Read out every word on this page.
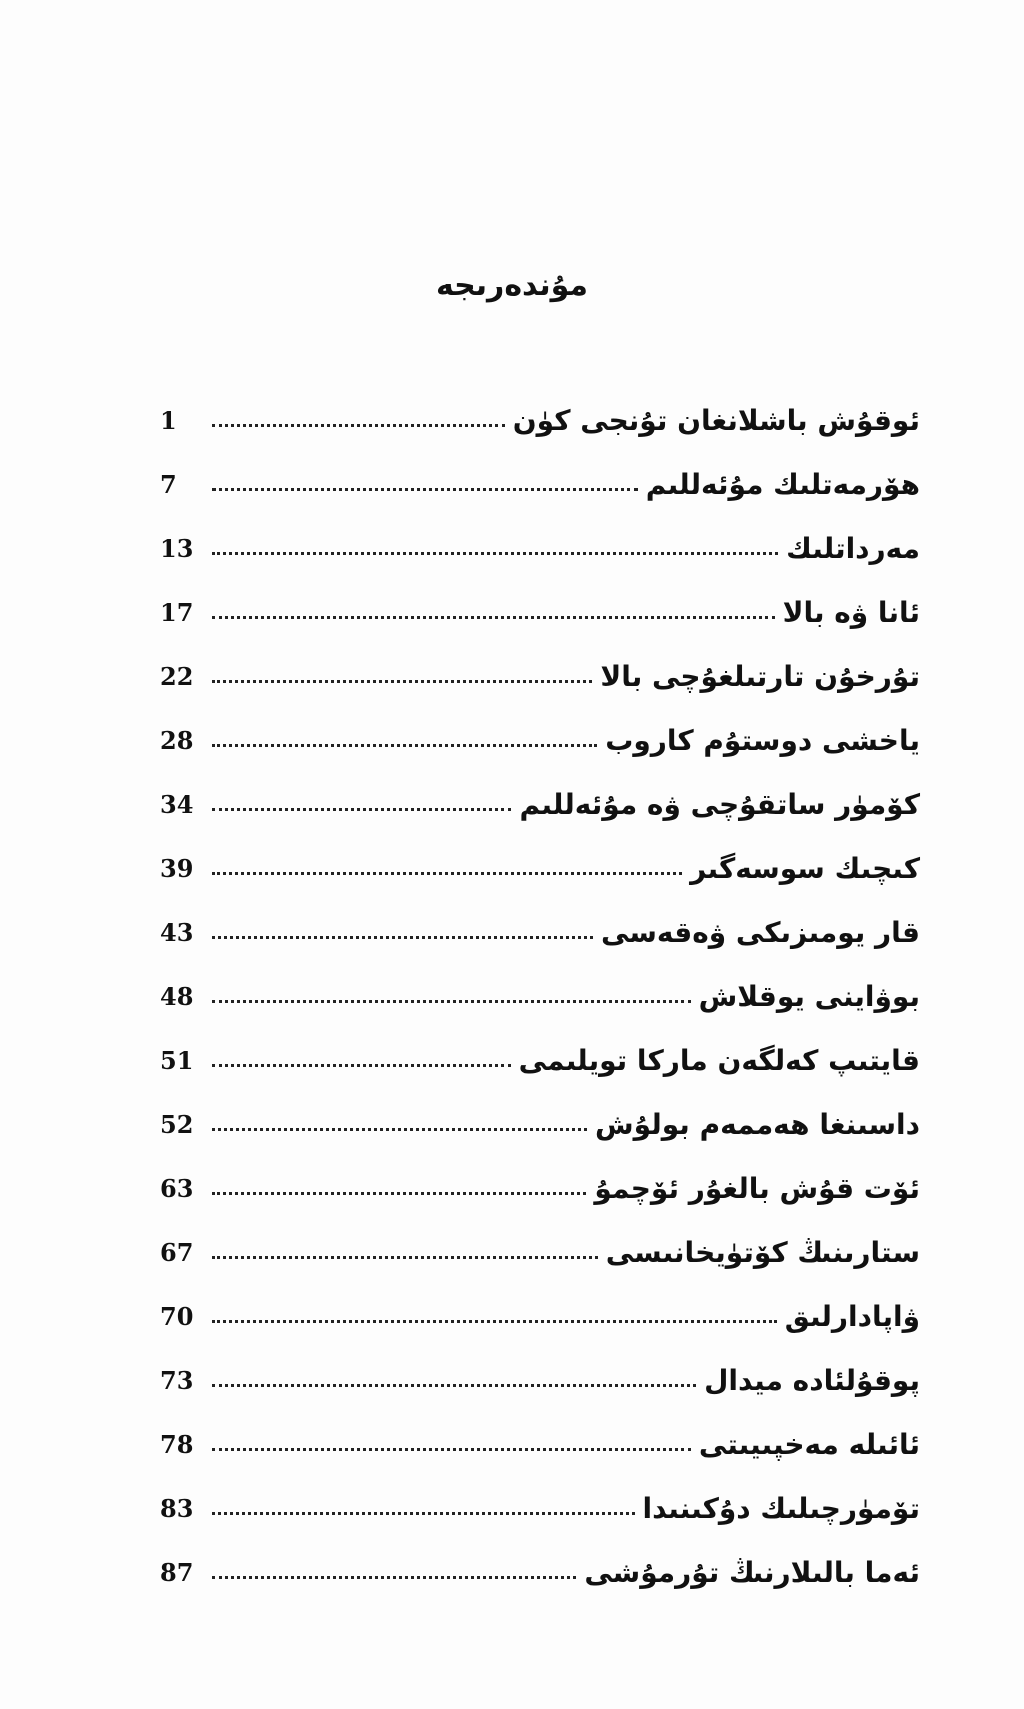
مۇندەرىجە
1	ئوقۇش باشلانغان تۇنجى كۈن
7	ھۆرمەتلىك مۇئەللىم
13	مەرداتلىك
17	ئانا ۋە بالا
22	تۇرخۇن تارتىلغۇچى بالا
28	ياخشى دوستۇم كاروب
34	كۆمۈر ساتقۇچى ۋە مۇئەللىم
39	كىچىك سوسەگىر
43	قار يومىزىكى ۋەقەسى
48	بوۋاينى يوقلاش
51	قايتىپ كەلگەن ماركا تويلىمى
52	داسىنغا ھەممەم بولۇش
63	ئۆت قۇش بالغۇر ئۆچمۇ
67	ستارىنىڭ كۆتۈيخانىسى
70	ۋاپادارلىق
73	پوقۇلئادە ميدال
78	ئائىلە مەخپىيىتى
83	تۆمۈرچىلىك دۇكىنىدا
87	ئەما بالىلارنىڭ تۇرمۇشى
